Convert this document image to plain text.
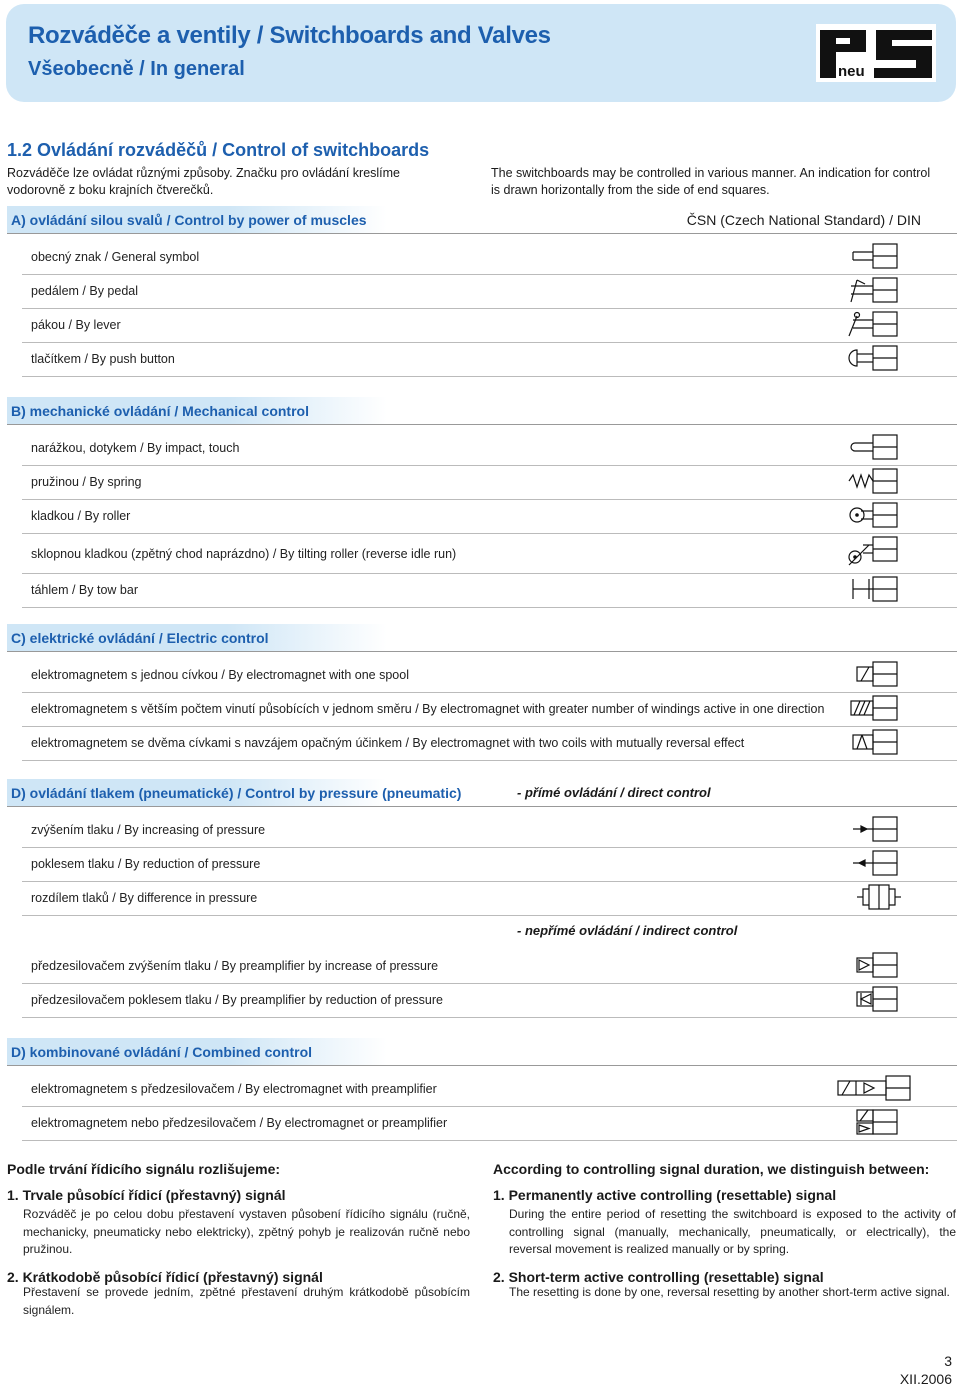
Rozváděče a ventily / Switchboards and Valves
Všeobecně / In general	neu
1.2 Ovládání rozváděčů / Control of switchboards
Rozváděče lze ovládat různými způsoby. Značku pro ovládání kreslíme vodorovně z boku krajních čtverečků.
The switchboards may be controlled in various manner. An indication for control is drawn horizontally from the side of end squares.
A) ovládání silou svalů / Control by power of muscles	ČSN (Czech National Standard) / DIN
obecný znak / General symbol
pedálem / By pedal
pákou / By lever
tlačítkem / By push button
B) mechanické ovládání / Mechanical control
narážkou, dotykem / By impact, touch
pružinou / By spring
kladkou / By roller
sklopnou kladkou (zpětný chod naprázdno) / By tilting roller (reverse idle run)
táhlem / By tow bar
C) elektrické ovládání / Electric control
elektromagnetem s jednou cívkou / By electromagnet with one spool
elektromagnetem s větším počtem vinutí působících v jednom směru / By electromagnet with greater number of windings active in one direction
elektromagnetem se dvěma cívkami s navzájem opačným účinkem / By electromagnet with two coils with mutually reversal effect
D) ovládání tlakem (pneumatické) / Control by pressure (pneumatic)	- přímé ovládání / direct control
zvýšením tlaku / By increasing of pressure
poklesem tlaku / By reduction of pressure
rozdílem tlaků / By difference in pressure
- nepřímé ovládání / indirect control
předzesilovačem zvýšením tlaku / By preamplifier by increase of pressure
předzesilovačem poklesem tlaku / By preamplifier by reduction of pressure
D) kombinované ovládání / Combined control
elektromagnetem s předzesilovačem / By electromagnet with preamplifier
elektromagnetem nebo předzesilovačem / By electromagnet or preamplifier
Podle trvání řídicího signálu rozlišujeme:
1. Trvale působící řídicí (přestavný) signál
Rozváděč je po celou dobu přestavení vystaven působení řídicího signálu (ručně, mechanicky, pneumaticky nebo elektricky), zpětný pohyb je realizován ručně nebo pružinou.
2. Krátkodobě působící řídicí (přestavný) signál
Přestavení se provede jedním, zpětné přestavení druhým krátkodobě působícím signálem.
According to controlling signal duration, we distinguish between:
1. Permanently active controlling (resettable) signal
During the entire period of resetting the switchboard is exposed to the activity of controlling signal (manually, mechanically, pneumatically, or electrically), the reversal movement is realized manually or by spring.
2. Short-term active controlling (resettable) signal
The resetting is done by one, reversal resetting by another short-term active signal.
3
XII.2006
